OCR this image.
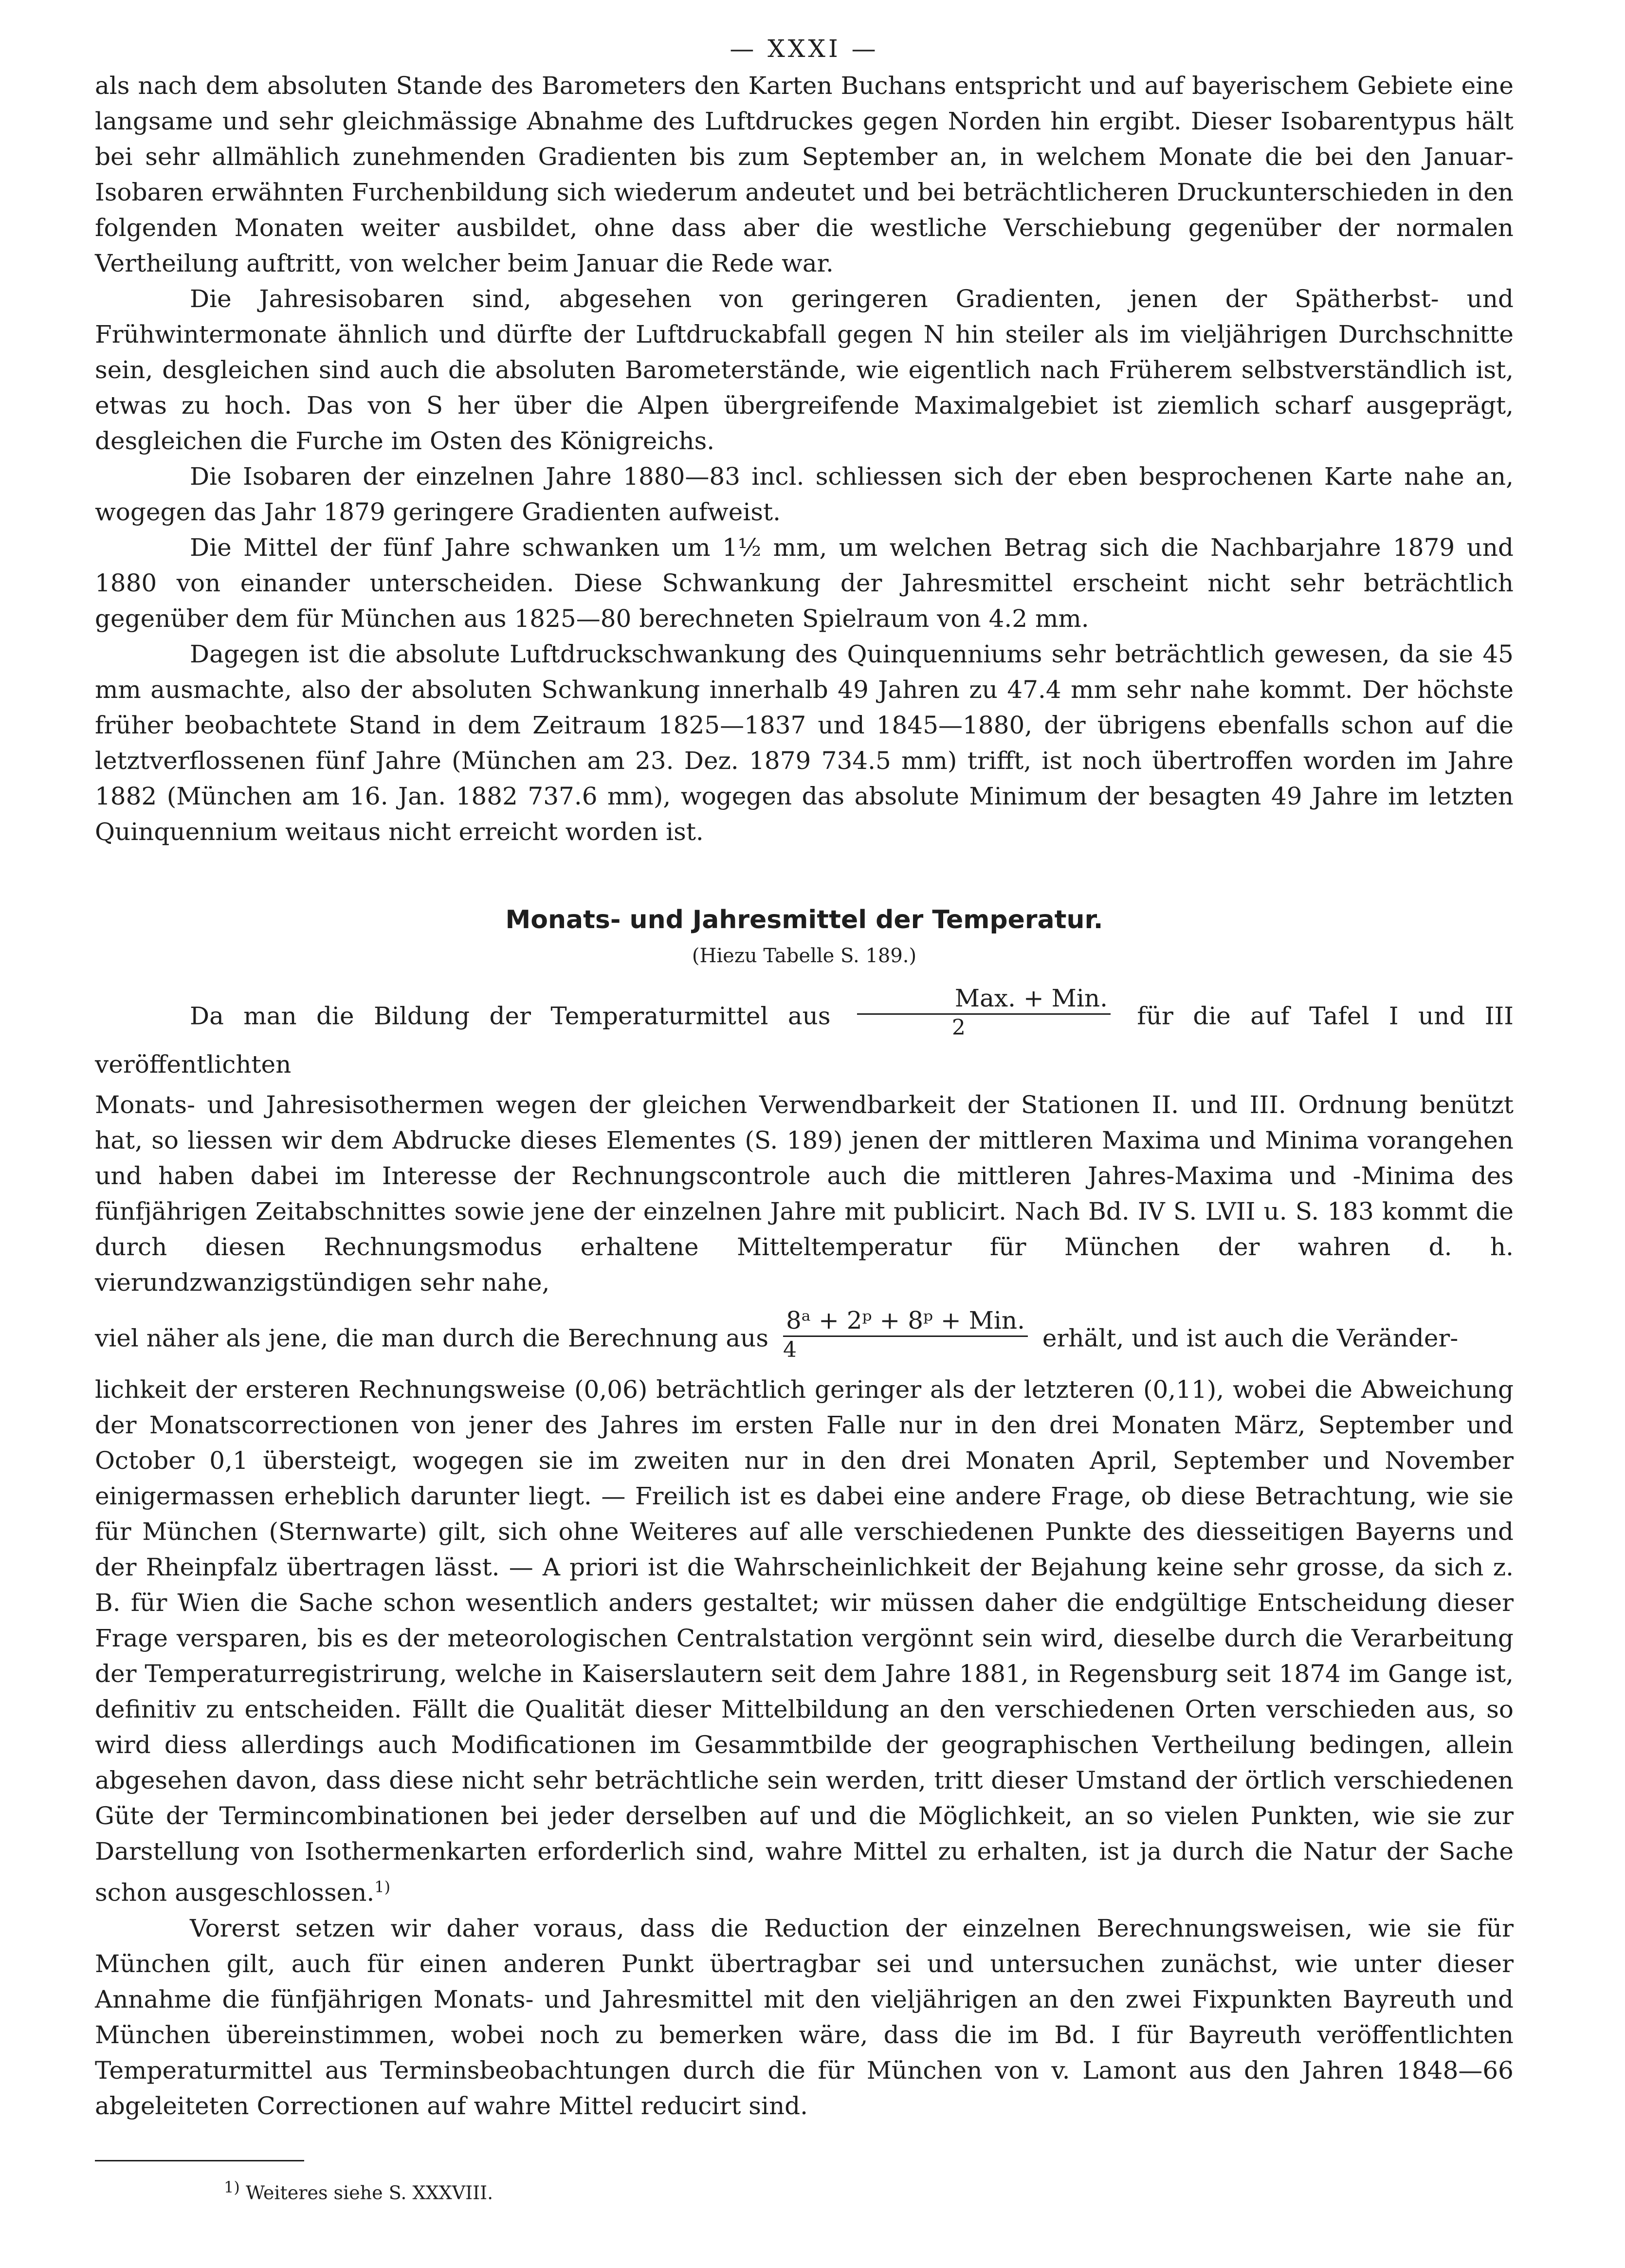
— XXXI —

als nach dem absoluten Stande des Barometers den Karten Buchans entspricht und auf bayerischem Gebiete eine langsame und sehr gleichmässige Abnahme des Luftdruckes gegen Norden hin ergibt. Dieser Isobarentypus hält bei sehr allmählich zunehmenden Gradienten bis zum September an, in welchem Monate die bei den Januar-Isobaren erwähnten Furchenbildung sich wiederum andeutet und bei beträchtlicheren Druckunterschieden in den folgenden Monaten weiter ausbildet, ohne dass aber die westliche Verschiebung gegenüber der normalen Vertheilung auftritt, von welcher beim Januar die Rede war.

Die Jahresisobaren sind, abgesehen von geringeren Gradienten, jenen der Spätherbst- und Frühwintermonate ähnlich und dürfte der Luftdruckabfall gegen N hin steiler als im vieljährigen Durchschnitte sein, desgleichen sind auch die absoluten Barometerstände, wie eigentlich nach Früherem selbstverständlich ist, etwas zu hoch. Das von S her über die Alpen übergreifende Maximalgebiet ist ziemlich scharf ausgeprägt, desgleichen die Furche im Osten des Königreichs.

Die Isobaren der einzelnen Jahre 1880—83 incl. schliessen sich der eben besprochenen Karte nahe an, wogegen das Jahr 1879 geringere Gradienten aufweist.

Die Mittel der fünf Jahre schwanken um 1½ mm, um welchen Betrag sich die Nachbarjahre 1879 und 1880 von einander unterscheiden. Diese Schwankung der Jahresmittel erscheint nicht sehr beträchtlich gegenüber dem für München aus 1825—80 berechneten Spielraum von 4.2 mm.

Dagegen ist die absolute Luftdruckschwankung des Quinquenniums sehr beträchtlich gewesen, da sie 45 mm ausmachte, also der absoluten Schwankung innerhalb 49 Jahren zu 47.4 mm sehr nahe kommt. Der höchste früher beobachtete Stand in dem Zeitraum 1825—1837 und 1845—1880, der übrigens ebenfalls schon auf die letztverflossenen fünf Jahre (München am 23. Dez. 1879 734.5 mm) trifft, ist noch übertroffen worden im Jahre 1882 (München am 16. Jan. 1882 737.6 mm), wogegen das absolute Minimum der besagten 49 Jahre im letzten Quinquennium weitaus nicht erreicht worden ist.

Monats- und Jahresmittel der Temperatur.
(Hiezu Tabelle S. 189.)

Da man die Bildung der Temperaturmittel aus $\frac{\text{Max. + Min.}}{2}$ für die auf Tafel I und III veröffentlichten

Monats- und Jahresisothermen wegen der gleichen Verwendbarkeit der Stationen II. und III. Ordnung benützt hat, so liessen wir dem Abdrucke dieses Elementes (S. 189) jenen der mittleren Maxima und Minima vorangehen und haben dabei im Interesse der Rechnungscontrole auch die mittleren Jahres-Maxima und -Minima des fünfjährigen Zeitabschnittes sowie jene der einzelnen Jahre mit publicirt. Nach Bd. IV S. LVII u. S. 183 kommt die durch diesen Rechnungsmodus erhaltene Mitteltemperatur für München der wahren d. h. vierundzwanzigstündigen sehr nahe,

viel näher als jene, die man durch die Berechnung aus $\frac{\text{8ᵃ + 2ᵖ + 8ᵖ + Min.}}{4}$ erhält, und ist auch die Veränder-

lichkeit der ersteren Rechnungsweise (0,06) beträchtlich geringer als der letzteren (0,11), wobei die Abweichung der Monatscorrectionen von jener des Jahres im ersten Falle nur in den drei Monaten März, September und October 0,1 übersteigt, wogegen sie im zweiten nur in den drei Monaten April, September und November einigermassen erheblich darunter liegt. — Freilich ist es dabei eine andere Frage, ob diese Betrachtung, wie sie für München (Sternwarte) gilt, sich ohne Weiteres auf alle verschiedenen Punkte des diesseitigen Bayerns und der Rheinpfalz übertragen lässt. — A priori ist die Wahrscheinlichkeit der Bejahung keine sehr grosse, da sich z. B. für Wien die Sache schon wesentlich anders gestaltet; wir müssen daher die endgültige Entscheidung dieser Frage versparen, bis es der meteorologischen Centralstation vergönnt sein wird, dieselbe durch die Verarbeitung der Temperaturregistrirung, welche in Kaiserslautern seit dem Jahre 1881, in Regensburg seit 1874 im Gange ist, definitiv zu entscheiden. Fällt die Qualität dieser Mittelbildung an den verschiedenen Orten verschieden aus, so wird diess allerdings auch Modificationen im Gesammtbilde der geographischen Vertheilung bedingen, allein abgesehen davon, dass diese nicht sehr beträchtliche sein werden, tritt dieser Umstand der örtlich verschiedenen Güte der Termincombinationen bei jeder derselben auf und die Möglichkeit, an so vielen Punkten, wie sie zur Darstellung von Isothermenkarten erforderlich sind, wahre Mittel zu erhalten, ist ja durch die Natur der Sache schon ausgeschlossen.$^{1)}$

Vorerst setzen wir daher voraus, dass die Reduction der einzelnen Berechnungsweisen, wie sie für München gilt, auch für einen anderen Punkt übertragbar sei und untersuchen zunächst, wie unter dieser Annahme die fünfjährigen Monats- und Jahresmittel mit den vieljährigen an den zwei Fixpunkten Bayreuth und München übereinstimmen, wobei noch zu bemerken wäre, dass die im Bd. I für Bayreuth veröffentlichten Temperaturmittel aus Terminsbeobachtungen durch die für München von v. Lamont aus den Jahren 1848—66 abgeleiteten Correctionen auf wahre Mittel reducirt sind.

$^{1)}$ Weiteres siehe S. XXXVIII.
